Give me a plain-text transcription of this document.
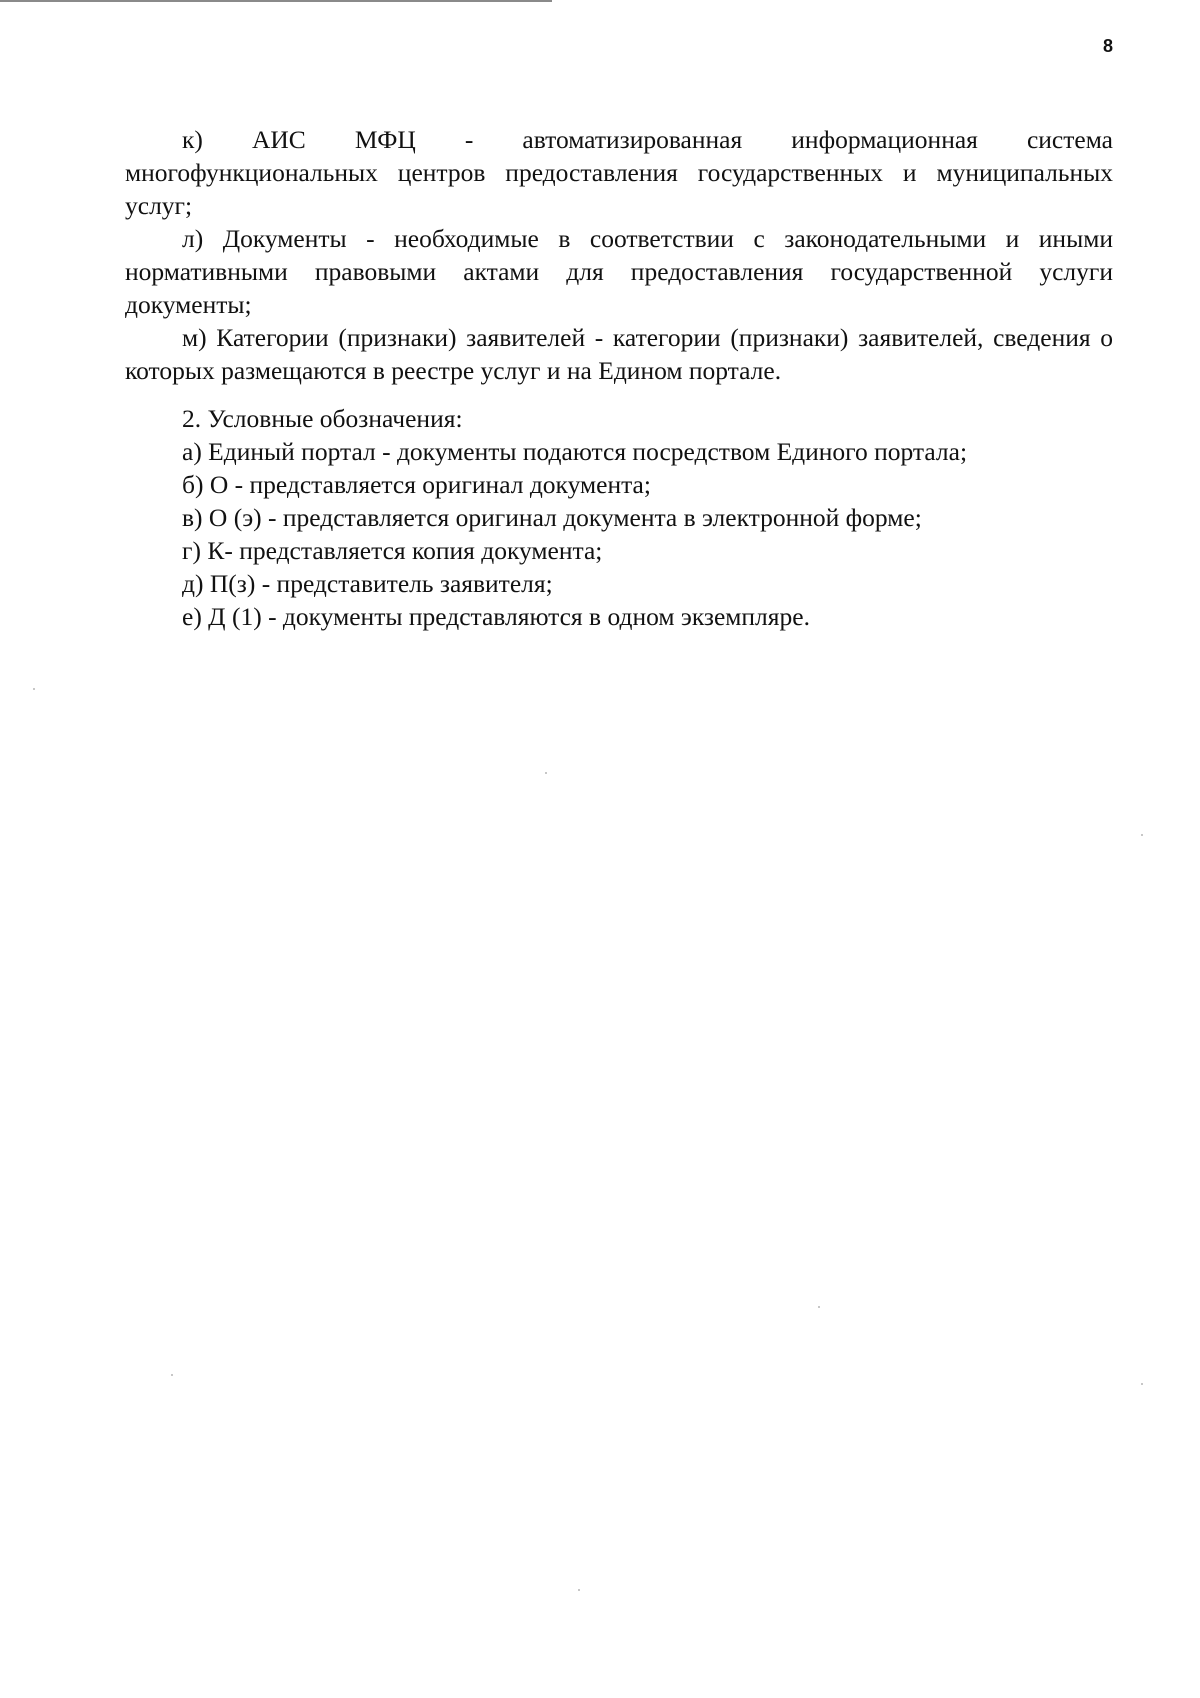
8

к) АИС МФЦ - автоматизированная информационная система многофункциональных центров предоставления государственных и муниципальных услуг;

л) Документы - необходимые в соответствии с законодательными и иными нормативными правовыми актами для предоставления государственной услуги документы;

м) Категории (признаки) заявителей - категории (признаки) заявителей, сведения о которых размещаются в реестре услуг и на Едином портале.

2. Условные обозначения:

а) Единый портал - документы подаются посредством Единого портала;

б) О - представляется оригинал документа;

в) О (э) - представляется оригинал документа в электронной форме;

г) К- представляется копия документа;

д) П(з) - представитель заявителя;

е) Д (1) - документы представляются в одном экземпляре.
